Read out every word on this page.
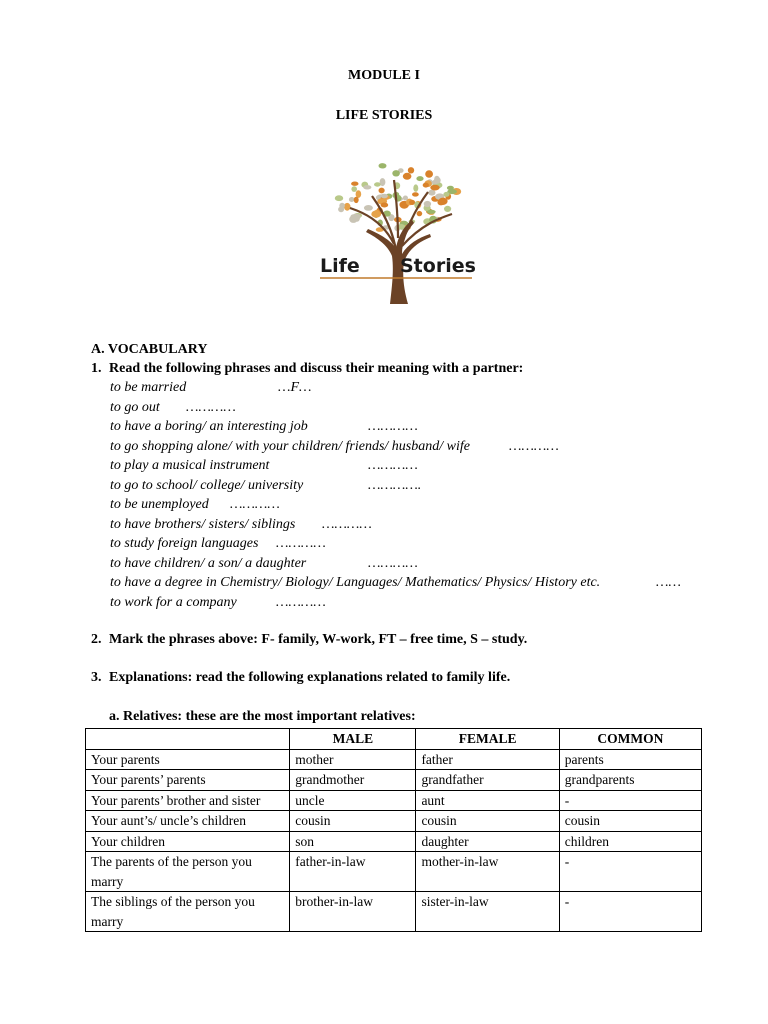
MODULE I
LIFE STORIES
Life Stories
A. VOCABULARY
1. Read the following phrases and discuss their meaning with a partner:
to be married	…F…
to go out …………
to have a boring/ an interesting job	…………
to go shopping alone/ with your children/ friends/ husband/ wife	…………
to play a musical instrument	…………
to go to school/ college/ university	………….
to be unemployed …………
to have brothers/ sisters/ siblings …………
to study foreign languages …………
to have children/ a son/ a daughter	…………
to have a degree in Chemistry/ Biology/ Languages/ Mathematics/ Physics/ History etc.	……
to work for a company	…………
2. Mark the phrases above: F- family, W-work, FT – free time, S – study.
3. Explanations: read the following explanations related to family life.
a. Relatives: these are the most important relatives:
	MALE	FEMALE	COMMON
Your parents	mother	father	parents
Your parents’ parents	grandmother	grandfather	grandparents
Your parents’ brother and sister	uncle	aunt	-
Your aunt’s/ uncle’s children	cousin	cousin	cousin
Your children	son	daughter	children
The parents of the person you marry	father-in-law	mother-in-law	-
The siblings of the person you marry	brother-in-law	sister-in-law	-
